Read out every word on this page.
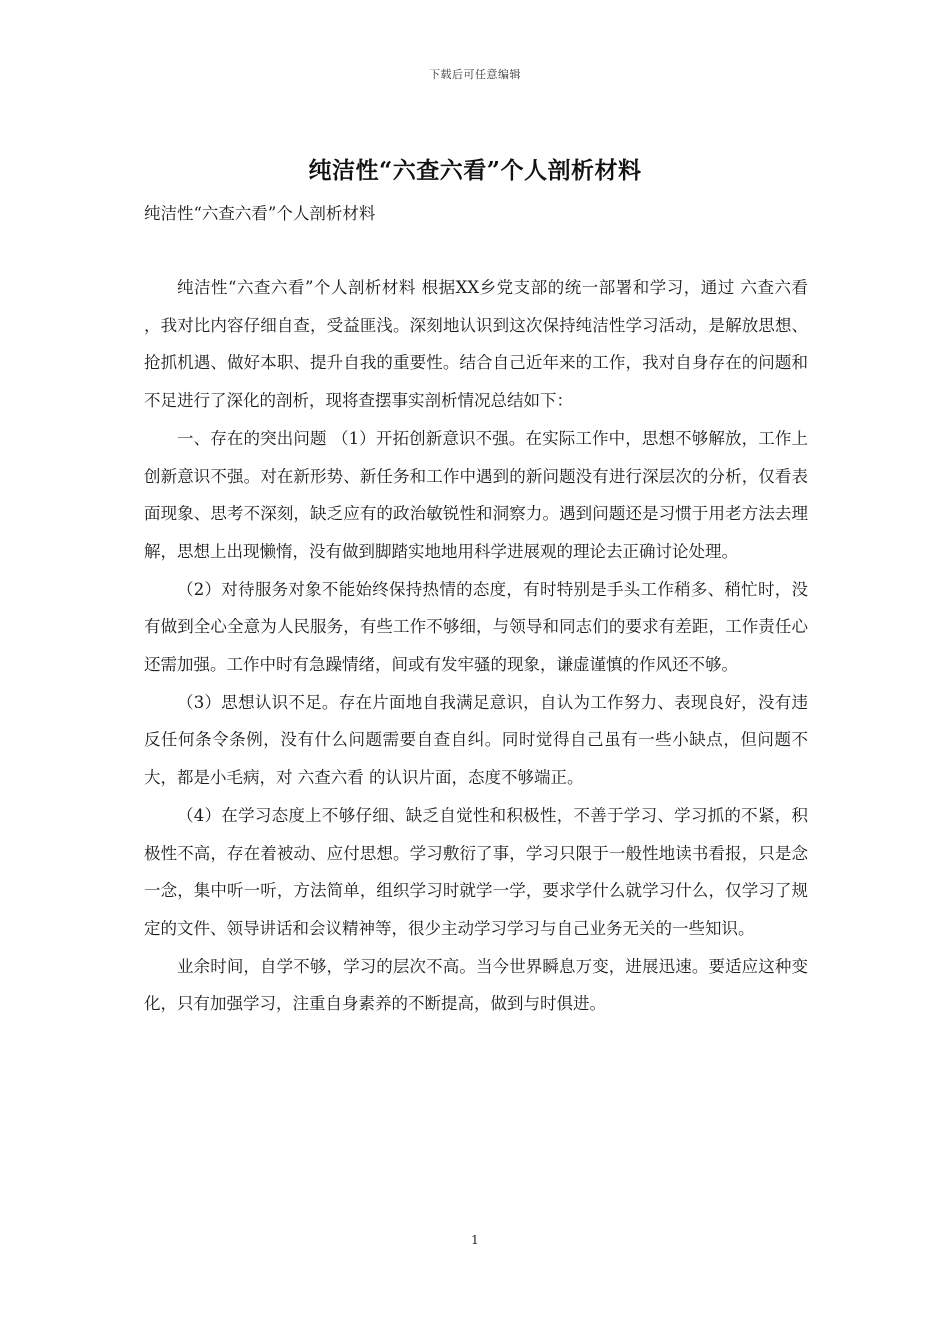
下载后可任意编辑
纯洁性“六查六看”个人剖析材料
纯洁性“六查六看”个人剖析材料

纯洁性“六查六看”个人剖析材料 根据XX乡党支部的统一部署和学习，通过 六查六看 ，我对比内容仔细自查，受益匪浅。深刻地认识到这次保持纯洁性学习活动，是解放思想、抢抓机遇、做好本职、提升自我的重要性。结合自己近年来的工作，我对自身存在的问题和不足进行了深化的剖析，现将查摆事实剖析情况总结如下：

一、存在的突出问题 （1）开拓创新意识不强。在实际工作中，思想不够解放，工作上创新意识不强。对在新形势、新任务和工作中遇到的新问题没有进行深层次的分析，仅看表面现象、思考不深刻，缺乏应有的政治敏锐性和洞察力。遇到问题还是习惯于用老方法去理解，思想上出现懒惰，没有做到脚踏实地地用科学进展观的理论去正确讨论处理。

（2）对待服务对象不能始终保持热情的态度，有时特别是手头工作稍多、稍忙时，没有做到全心全意为人民服务，有些工作不够细，与领导和同志们的要求有差距，工作责任心还需加强。工作中时有急躁情绪，间或有发牢骚的现象，谦虚谨慎的作风还不够。

（3）思想认识不足。存在片面地自我满足意识，自认为工作努力、表现良好，没有违反任何条令条例，没有什么问题需要自查自纠。同时觉得自己虽有一些小缺点，但问题不大，都是小毛病，对 六查六看 的认识片面，态度不够端正。

（4）在学习态度上不够仔细、缺乏自觉性和积极性，不善于学习、学习抓的不紧，积极性不高，存在着被动、应付思想。学习敷衍了事，学习只限于一般性地读书看报，只是念一念，集中听一听，方法简单，组织学习时就学一学，要求学什么就学习什么，仅学习了规定的文件、领导讲话和会议精神等，很少主动学习学习与自己业务无关的一些知识。

业余时间，自学不够，学习的层次不高。当今世界瞬息万变，进展迅速。要适应这种变化，只有加强学习，注重自身素养的不断提高，做到与时俱进。

1
